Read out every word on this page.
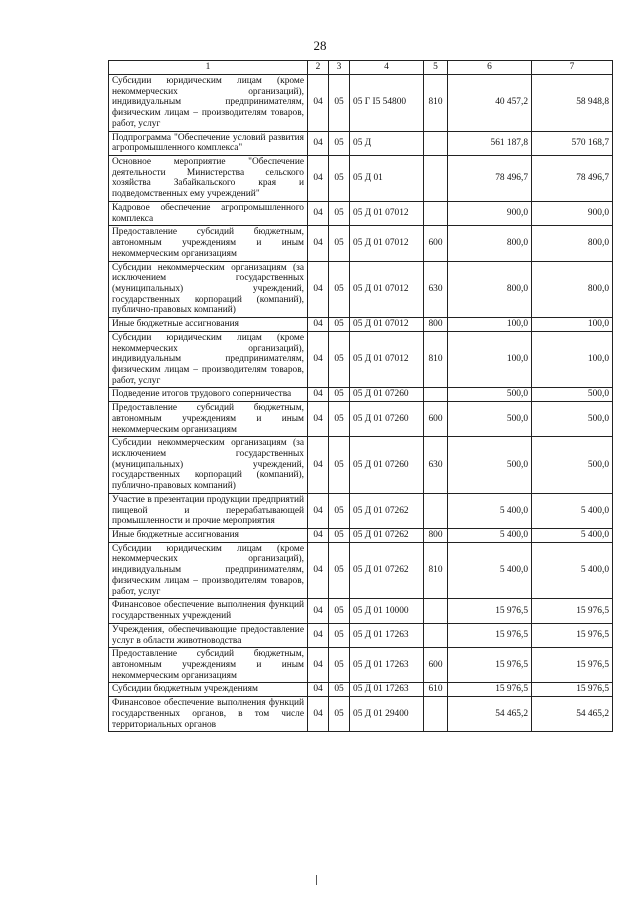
28
1	2	3	4	5	6	7
Субсидии юридическим лицам (кроме некоммерческих организаций), индивидуальным предпринимателям, физическим лицам – производителям товаров, работ, услуг	04	05	05 Г I5 54800	810	40 457,2	58 948,8
Подпрограмма "Обеспечение условий развития агропромышленного комплекса"	04	05	05 Д		561 187,8	570 168,7
Основное мероприятие "Обеспечение деятельности Министерства сельского хозяйства Забайкальского края и подведомственных ему учреждений"	04	05	05 Д 01		78 496,7	78 496,7
Кадровое обеспечение агропромышленного комплекса	04	05	05 Д 01 07012		900,0	900,0
Предоставление субсидий бюджетным, автономным учреждениям и иным некоммерческим организациям	04	05	05 Д 01 07012	600	800,0	800,0
Субсидии некоммерческим организациям (за исключением государственных (муниципальных) учреждений, государственных корпораций (компаний), публично-правовых компаний)	04	05	05 Д 01 07012	630	800,0	800,0
Иные бюджетные ассигнования	04	05	05 Д 01 07012	800	100,0	100,0
Субсидии юридическим лицам (кроме некоммерческих организаций), индивидуальным предпринимателям, физическим лицам – производителям товаров, работ, услуг	04	05	05 Д 01 07012	810	100,0	100,0
Подведение итогов трудового соперничества	04	05	05 Д 01 07260		500,0	500,0
Предоставление субсидий бюджетным, автономным учреждениям и иным некоммерческим организациям	04	05	05 Д 01 07260	600	500,0	500,0
Субсидии некоммерческим организациям (за исключением государственных (муниципальных) учреждений, государственных корпораций (компаний), публично-правовых компаний)	04	05	05 Д 01 07260	630	500,0	500,0
Участие в презентации продукции предприятий пищевой и перерабатывающей промышленности и прочие мероприятия	04	05	05 Д 01 07262		5 400,0	5 400,0
Иные бюджетные ассигнования	04	05	05 Д 01 07262	800	5 400,0	5 400,0
Субсидии юридическим лицам (кроме некоммерческих организаций), индивидуальным предпринимателям, физическим лицам – производителям товаров, работ, услуг	04	05	05 Д 01 07262	810	5 400,0	5 400,0
Финансовое обеспечение выполнения функций государственных учреждений	04	05	05 Д 01 10000		15 976,5	15 976,5
Учреждения, обеспечивающие предоставление услуг в области животноводства	04	05	05 Д 01 17263		15 976,5	15 976,5
Предоставление субсидий бюджетным, автономным учреждениям и иным некоммерческим организациям	04	05	05 Д 01 17263	600	15 976,5	15 976,5
Субсидии бюджетным учреждениям	04	05	05 Д 01 17263	610	15 976,5	15 976,5
Финансовое обеспечение выполнения функций государственных органов, в том числе территориальных органов	04	05	05 Д 01 29400		54 465,2	54 465,2
